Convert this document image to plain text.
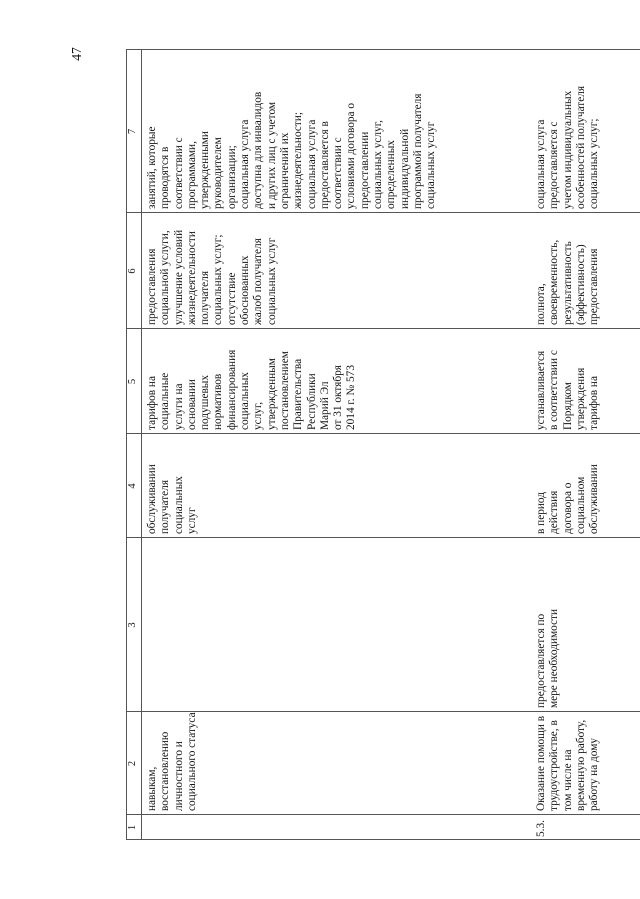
47
1
2
3
4
5
6
7
навыкам, восстановлению личностного и социального статуса
обслуживании получателя социальных услуг
тарифов на социальные услуги на основании подушевых нормативов финансирования социальных услуг, утвержденным постановлением Правительства Республики Марий Эл от 31 октября 2014 г. № 573
предоставления социальной услуги, улучшение условий жизнедеятельности получателя социальных услуг; отсутствие обоснованных жалоб получателя социальных услуг
занятий, которые проводятся в соответствии с программами, утвержденными руководителем организации; социальная услуга доступна для инвалидов и других лиц с учетом ограничений их жизнедеятельности; социальная услуга предоставляется в соответствии с условиями договора о предоставлении социальных услуг, определенных индивидуальной программой получателя социальных услуг
5.3.
Оказание помощи в трудоустройстве, в том числе на временную работу, работу на дому
предоставляется по мере необходимости
в период действия договора о социальном обслуживании
устанавливается в соответствии с Порядком утверждения тарифов на
полнота, своевременность, результативность (эффективность) предоставления
социальная услуга предоставляется с учетом индивидуальных особенностей получателя социальных услуг;
